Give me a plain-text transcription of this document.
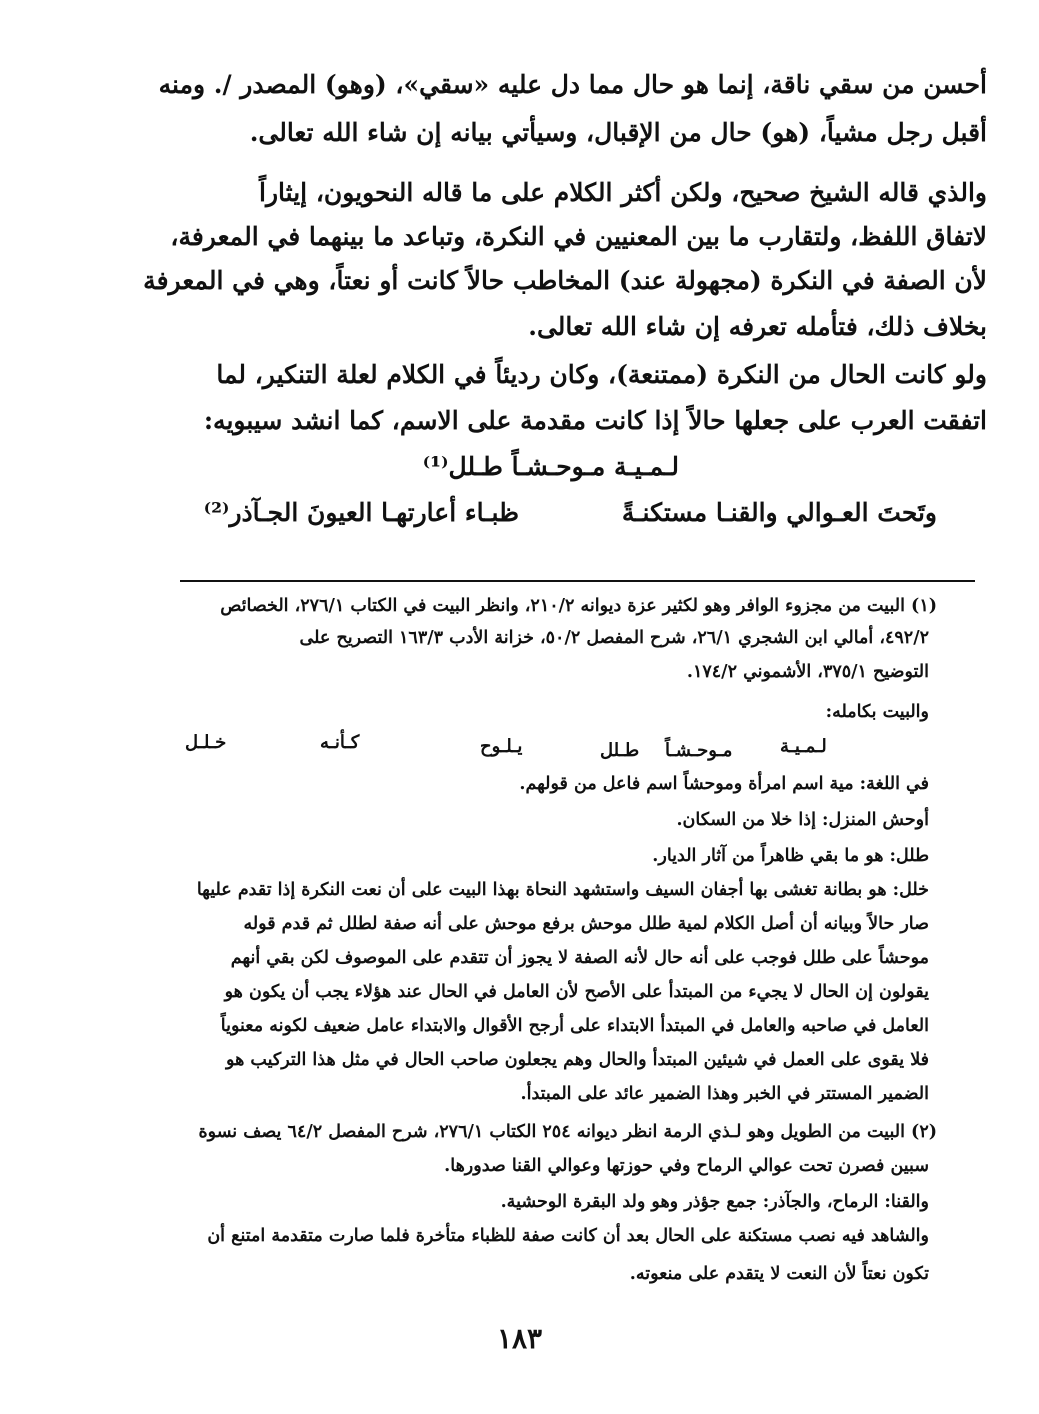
أحسن من سقي ناقة، إنما هو حال مما دل عليه «سقي»، (وهو) المصدر /. ومنه
أقبل رجل مشياً، (هو) حال من الإقبال، وسيأتي بيانه إن شاء الله تعالى.
والذي قاله الشيخ صحيح، ولكن أكثر الكلام على ما قاله النحويون، إيثاراً
لاتفاق اللفظ، ولتقارب ما بين المعنيين في النكرة، وتباعد ما بينهما في المعرفة،
لأن الصفة في النكرة (مجهولة عند) المخاطب حالاً كانت أو نعتاً، وهي في المعرفة
بخلاف ذلك، فتأمله تعرفه إن شاء الله تعالى.
ولو كانت الحال من النكرة (ممتنعة)، وكان رديئاً في الكلام لعلة التنكير، لما
اتفقت العرب على جعلها حالاً إذا كانت مقدمة على الاسم، كما انشد سيبويه:
لـمـيـة مـوحـشـاً طـلل⁽¹⁾
وتَحتَ العـوالي والقنـا مستكنـةً
ظبـاء أعارتهـا العيونَ الجـآذر⁽²⁾
(١) البيت من مجزوء الوافر وهو لكثير عزة ديوانه ٢١٠/٢، وانظر البيت في الكتاب ٢٧٦/١، الخصائص
٤٩٢/٢، أمالي ابن الشجري ٢٦/١، شرح المفصل ٥٠/٢، خزانة الأدب ١٦٣/٣ التصريح على
التوضيح ٣٧٥/١، الأشموني ١٧٤/٢.
والبيت بكامله:
لـمـيـة
مـوحـشـاً
طـلل
يـلـوح
كـأنـه
خـلـل
في اللغة: مية اسم امرأة وموحشاً اسم فاعل من قولهم.
أوحش المنزل: إذا خلا من السكان.
طلل: هو ما بقي ظاهراً من آثار الديار.
خلل: هو بطانة تغشى بها أجفان السيف واستشهد النحاة بهذا البيت على أن نعت النكرة إذا تقدم عليها
صار حالاً وبيانه أن أصل الكلام لمية طلل موحش برفع موحش على أنه صفة لطلل ثم قدم قوله
موحشاً على طلل فوجب على أنه حال لأنه الصفة لا يجوز أن تتقدم على الموصوف لكن بقي أنهم
يقولون إن الحال لا يجيء من المبتدأ على الأصح لأن العامل في الحال عند هؤلاء يجب أن يكون هو
العامل في صاحبه والعامل في المبتدأ الابتداء على أرجح الأقوال والابتداء عامل ضعيف لكونه معنوياً
فلا يقوى على العمل في شيئين المبتدأ والحال وهم يجعلون صاحب الحال في مثل هذا التركيب هو
الضمير المستتر في الخبر وهذا الضمير عائد على المبتدأ.
(٢) البيت من الطويل وهو لـذي الرمة انظر ديوانه ٢٥٤ الكتاب ٢٧٦/١، شرح المفصل ٦٤/٢ يصف نسوة
سبين فصرن تحت عوالي الرماح وفي حوزتها وعوالي القنا صدورها.
والقنا: الرماح، والجآذر: جمع جؤذر وهو ولد البقرة الوحشية.
والشاهد فيه نصب مستكنة على الحال بعد أن كانت صفة للظباء متأخرة فلما صارت متقدمة امتنع أن
تكون نعتاً لأن النعت لا يتقدم على منعوته.
١٨٣
